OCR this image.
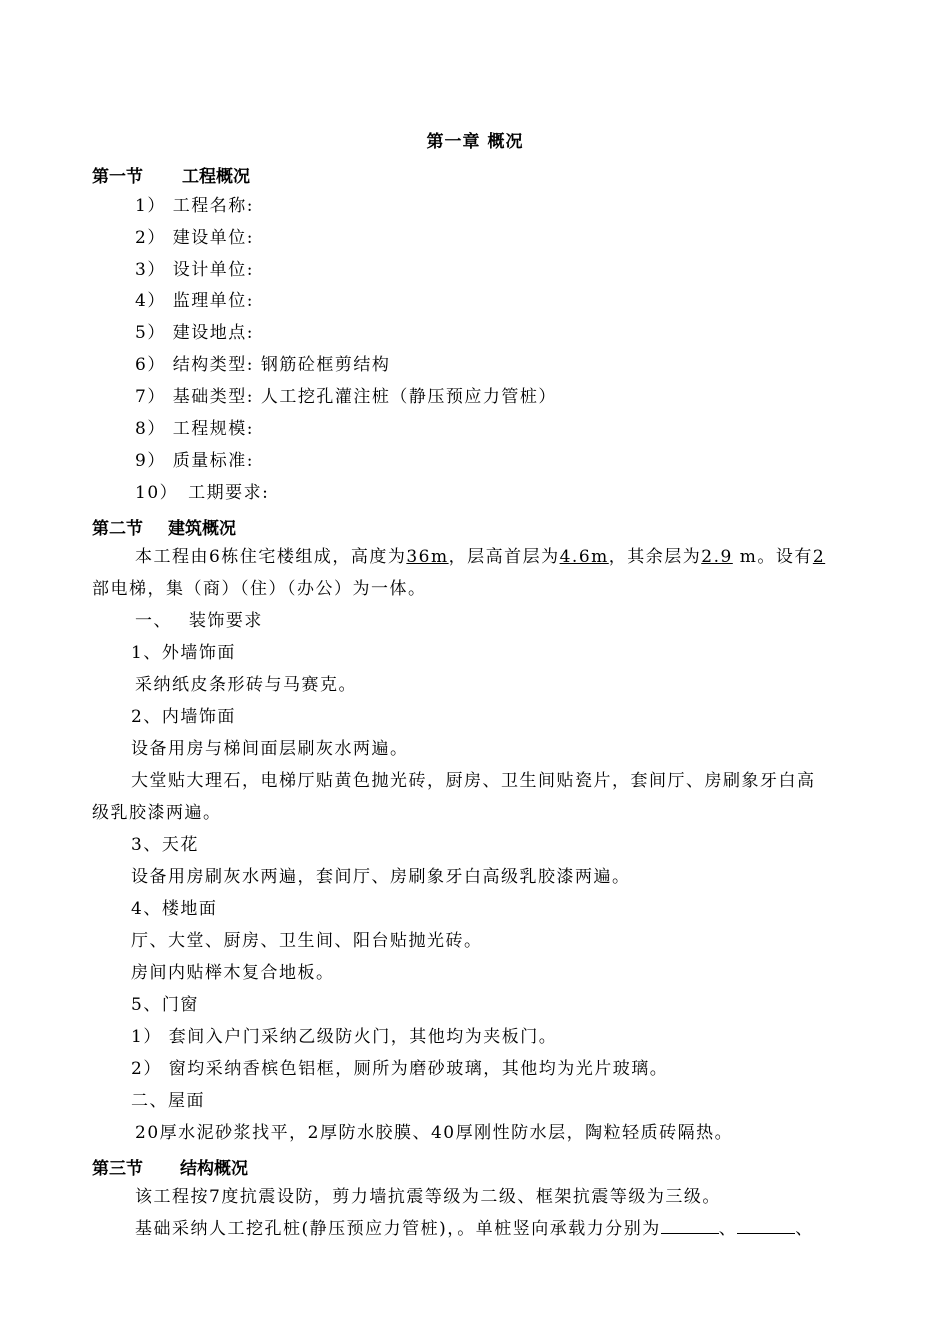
第一章 概况
第一节 工程概况
1） 工程名称:
2） 建设单位:
3） 设计单位:
4） 监理单位:
5） 建设地点:
6） 结构类型: 钢筋砼框剪结构
7） 基础类型: 人工挖孔灌注桩（静压预应力管桩）
8） 工程规模:
9） 质量标准:
10）　工期要求:
第二节 建筑概况
本工程由6栋住宅楼组成，高度为36m，层高首层为4.6m，其余层为2.9 m。设有2
部电梯，集（商）（住）（办公）为一体。
一、　 装饰要求
1、外墙饰面
采纳纸皮条形砖与马赛克。
2、内墙饰面
设备用房与梯间面层刷灰水两遍。
大堂贴大理石，电梯厅贴黄色抛光砖，厨房、卫生间贴瓷片，套间厅、房刷象牙白高
级乳胶漆两遍。
3、天花
设备用房刷灰水两遍，套间厅、房刷象牙白高级乳胶漆两遍。
4、楼地面
厅、大堂、厨房、卫生间、阳台贴抛光砖。
房间内贴榉木复合地板。
5、门窗
1） 套间入户门采纳乙级防火门，其他均为夹板门。
2） 窗均采纳香槟色铝框，厕所为磨砂玻璃，其他均为光片玻璃。
二、屋面
20厚水泥砂浆找平，2厚防水胶膜、40厚刚性防水层，陶粒轻质砖隔热。
第三节 结构概况
该工程按7度抗震设防，剪力墙抗震等级为二级、框架抗震等级为三级。
基础采纳人工挖孔桩(静压预应力管桩)，。单桩竖向承载力分别为	、	、
